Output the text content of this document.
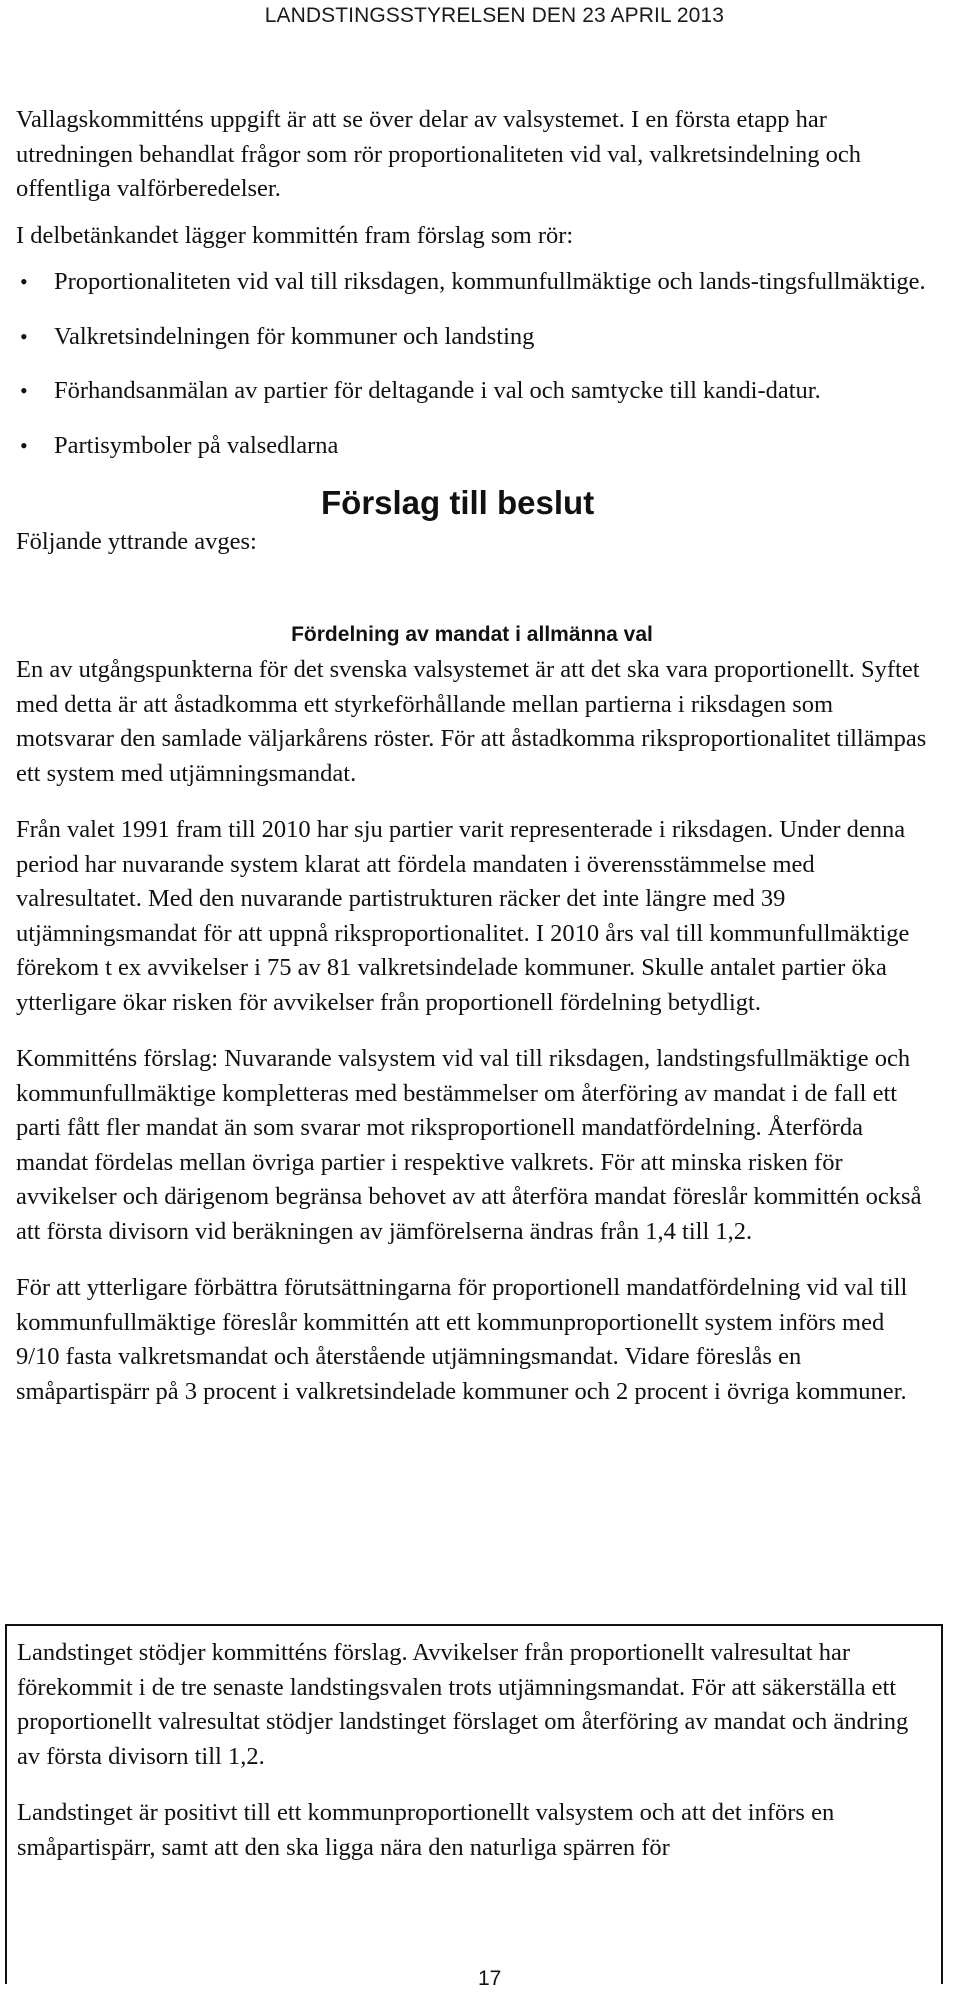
LANDSTINGSSTYRELSEN DEN 23 APRIL 2013

Vallagskommitténs uppgift är att se över delar av valsystemet. I en första etapp har utredningen behandlat frågor som rör proportionaliteten vid val, valkretsindelning och offentliga valförberedelser.

I delbetänkandet lägger kommittén fram förslag som rör:

• Proportionaliteten vid val till riksdagen, kommunfullmäktige och lands-tingsfullmäktige.
• Valkretsindelningen för kommuner och landsting
• Förhandsanmälan av partier för deltagande i val och samtycke till kandi-datur.
• Partisymboler på valsedlarna
Förslag till beslut
Följande yttrande avges:
Fördelning av mandat i allmänna val

En av utgångspunkterna för det svenska valsystemet är att det ska vara proportionellt. Syftet med detta är att åstadkomma ett styrkeförhållande mellan partierna i riksdagen som motsvarar den samlade väljarkårens röster. För att åstadkomma riksproportionalitet tillämpas ett system med utjämningsmandat.

Från valet 1991 fram till 2010 har sju partier varit representerade i riksdagen. Under denna period har nuvarande system klarat att fördela mandaten i överensstämmelse med valresultatet. Med den nuvarande partistrukturen räcker det inte längre med 39 utjämningsmandat för att uppnå riksproportionalitet. I 2010 års val till kommunfullmäktige förekom t ex avvikelser i 75 av 81 valkretsindelade kommuner. Skulle antalet partier öka ytterligare ökar risken för avvikelser från proportionell fördelning betydligt.

Kommitténs förslag: Nuvarande valsystem vid val till riksdagen, landstingsfullmäktige och kommunfullmäktige kompletteras med bestämmelser om återföring av mandat i de fall ett parti fått fler mandat än som svarar mot riksproportionell mandatfördelning. Återförda mandat fördelas mellan övriga partier i respektive valkrets. För att minska risken för avvikelser och därigenom begränsa behovet av att återföra mandat föreslår kommittén också att första divisorn vid beräkningen av jämförelserna ändras från 1,4 till 1,2.

För att ytterligare förbättra förutsättningarna för proportionell mandatfördelning vid val till kommunfullmäktige föreslår kommittén att ett kommunproportionellt system införs med 9/10 fasta valkretsmandat och återstående utjämningsmandat. Vidare föreslås en småpartispärr på 3 procent i valkretsindelade kommuner och 2 procent i övriga kommuner.

Landstinget stödjer kommitténs förslag. Avvikelser från proportionellt valresultat har förekommit i de tre senaste landstingsvalen trots utjämningsmandat. För att säkerställa ett proportionellt valresultat stödjer landstinget förslaget om återföring av mandat och ändring av första divisorn till 1,2.

Landstinget är positivt till ett kommunproportionellt valsystem och att det införs en småpartispärr, samt att den ska ligga nära den naturliga spärren för

17
